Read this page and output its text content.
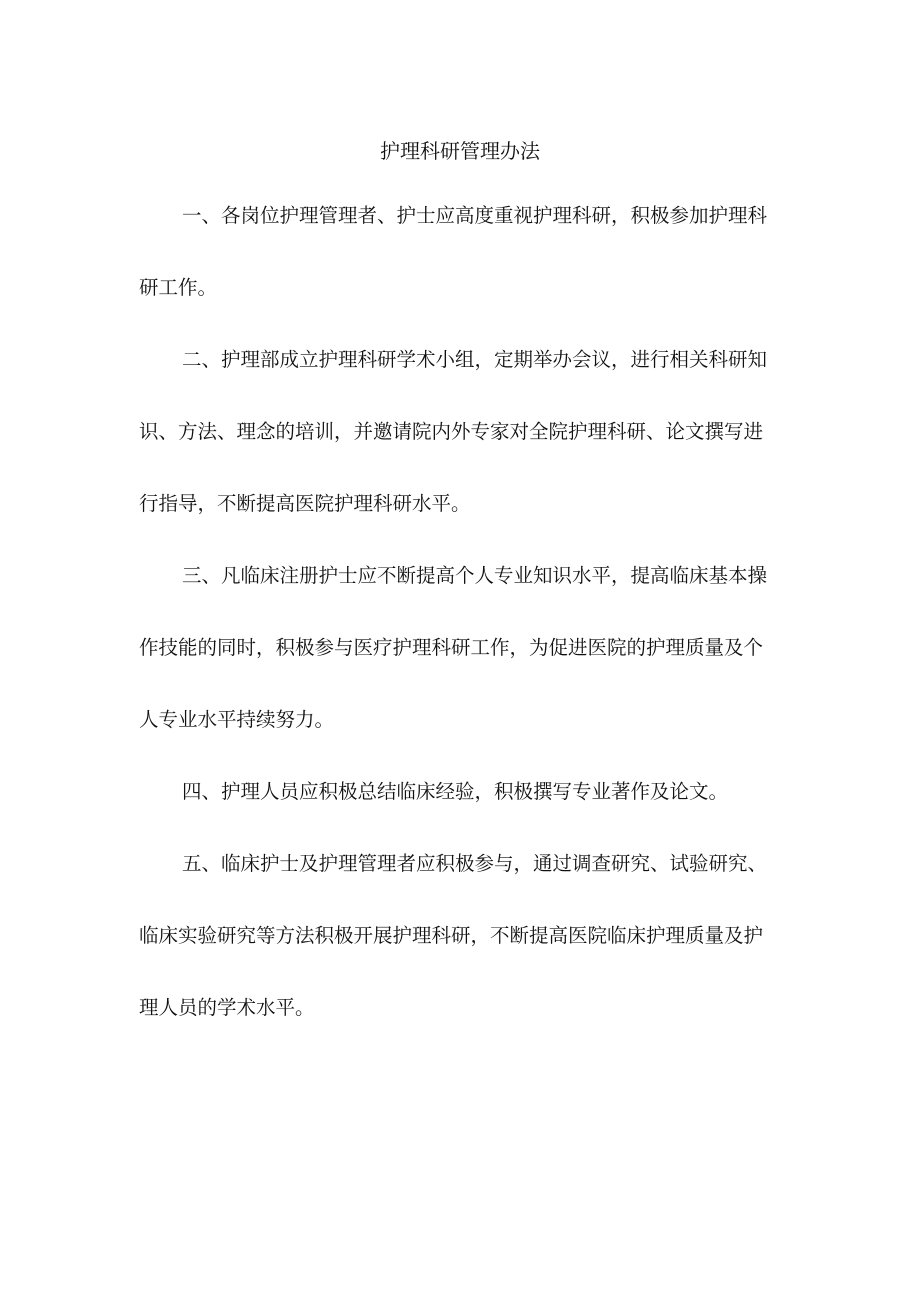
护理科研管理办法

一、各岗位护理管理者、护士应高度重视护理科研，积极参加护理科

研工作。

二、护理部成立护理科研学术小组，定期举办会议，进行相关科研知

识、方法、理念的培训，并邀请院内外专家对全院护理科研、论文撰写进

行指导，不断提高医院护理科研水平。

三、凡临床注册护士应不断提高个人专业知识水平，提高临床基本操

作技能的同时，积极参与医疗护理科研工作，为促进医院的护理质量及个

人专业水平持续努力。

四、护理人员应积极总结临床经验，积极撰写专业著作及论文。

五、临床护士及护理管理者应积极参与，通过调查研究、试验研究、

临床实验研究等方法积极开展护理科研，不断提高医院临床护理质量及护

理人员的学术水平。
